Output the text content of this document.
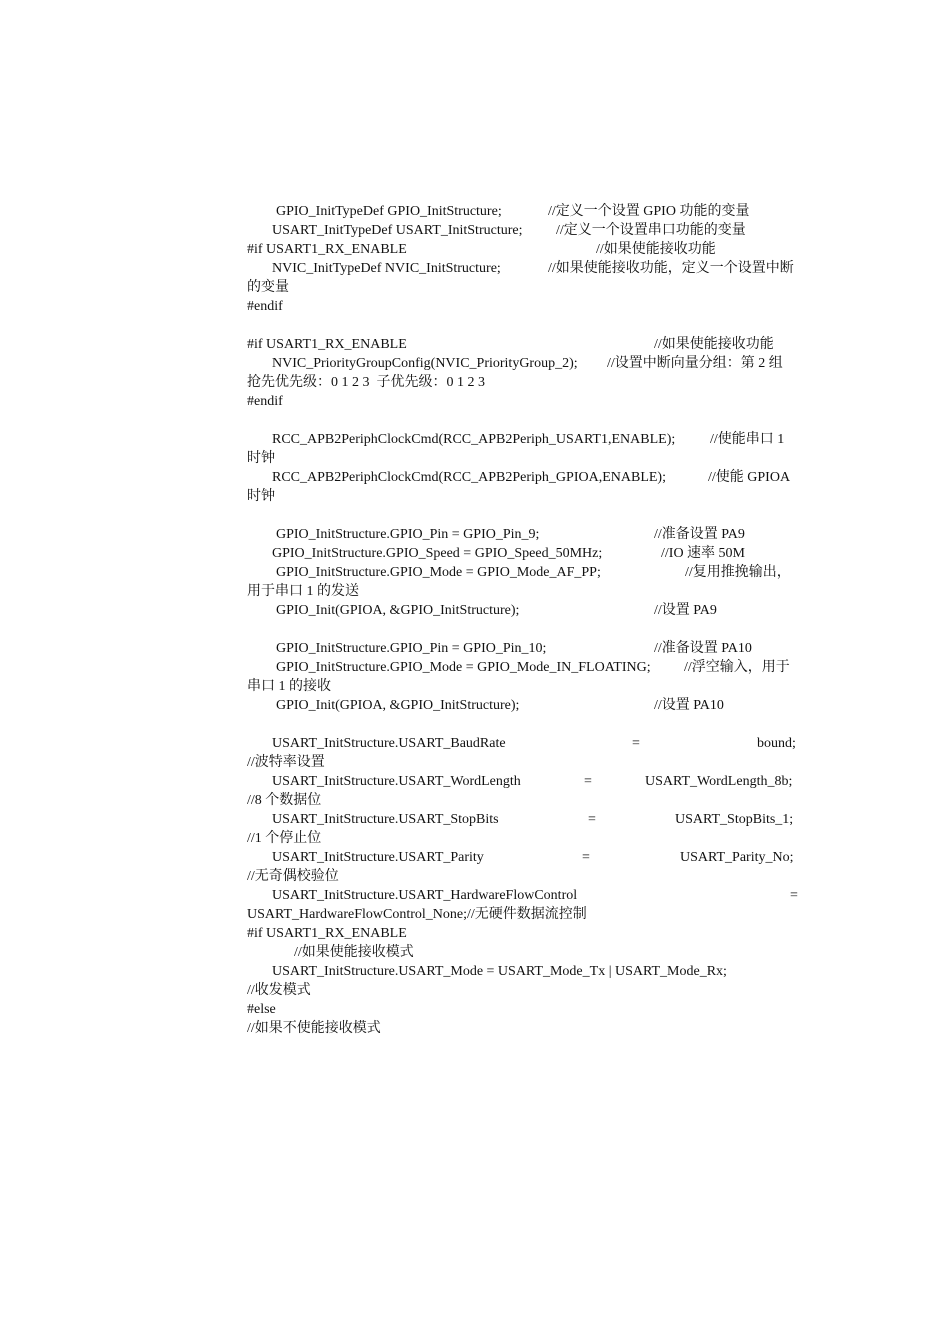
GPIO_InitTypeDef GPIO_InitStructure;	//定义一个设置 GPIO 功能的变量
USART_InitTypeDef USART_InitStructure; //定义一个设置串口功能的变量
#if USART1_RX_ENABLE	//如果使能接收功能
NVIC_InitTypeDef NVIC_InitStructure;	//如果使能接收功能，定义一个设置中断
的变量
#endif
#if USART1_RX_ENABLE	//如果使能接收功能
NVIC_PriorityGroupConfig(NVIC_PriorityGroup_2); //设置中断向量分组：第 2 组
抢先优先级：0 1 2 3  子优先级：0 1 2 3
#endif
RCC_APB2PeriphClockCmd(RCC_APB2Periph_USART1,ENABLE); //使能串口 1
时钟
RCC_APB2PeriphClockCmd(RCC_APB2Periph_GPIOA,ENABLE);	//使能 GPIOA
时钟
GPIO_InitStructure.GPIO_Pin = GPIO_Pin_9;	//准备设置 PA9
GPIO_InitStructure.GPIO_Speed = GPIO_Speed_50MHz;	//IO 速率 50M
GPIO_InitStructure.GPIO_Mode = GPIO_Mode_AF_PP;	//复用推挽输出，
用于串口 1 的发送
GPIO_Init(GPIOA, &GPIO_InitStructure);	//设置 PA9
GPIO_InitStructure.GPIO_Pin = GPIO_Pin_10;	//准备设置 PA10
GPIO_InitStructure.GPIO_Mode = GPIO_Mode_IN_FLOATING; //浮空输入，用于
串口 1 的接收
GPIO_Init(GPIOA, &GPIO_InitStructure);	//设置 PA10
USART_InitStructure.USART_BaudRate	=	bound;
//波特率设置
USART_InitStructure.USART_WordLength	=	USART_WordLength_8b;
//8 个数据位
USART_InitStructure.USART_StopBits	=	USART_StopBits_1;
//1 个停止位
USART_InitStructure.USART_Parity	=	USART_Parity_No;
//无奇偶校验位
USART_InitStructure.USART_HardwareFlowControl	=
USART_HardwareFlowControl_None;//无硬件数据流控制
#if USART1_RX_ENABLE
//如果使能接收模式
USART_InitStructure.USART_Mode = USART_Mode_Tx | USART_Mode_Rx;
//收发模式
#else
//如果不使能接收模式
